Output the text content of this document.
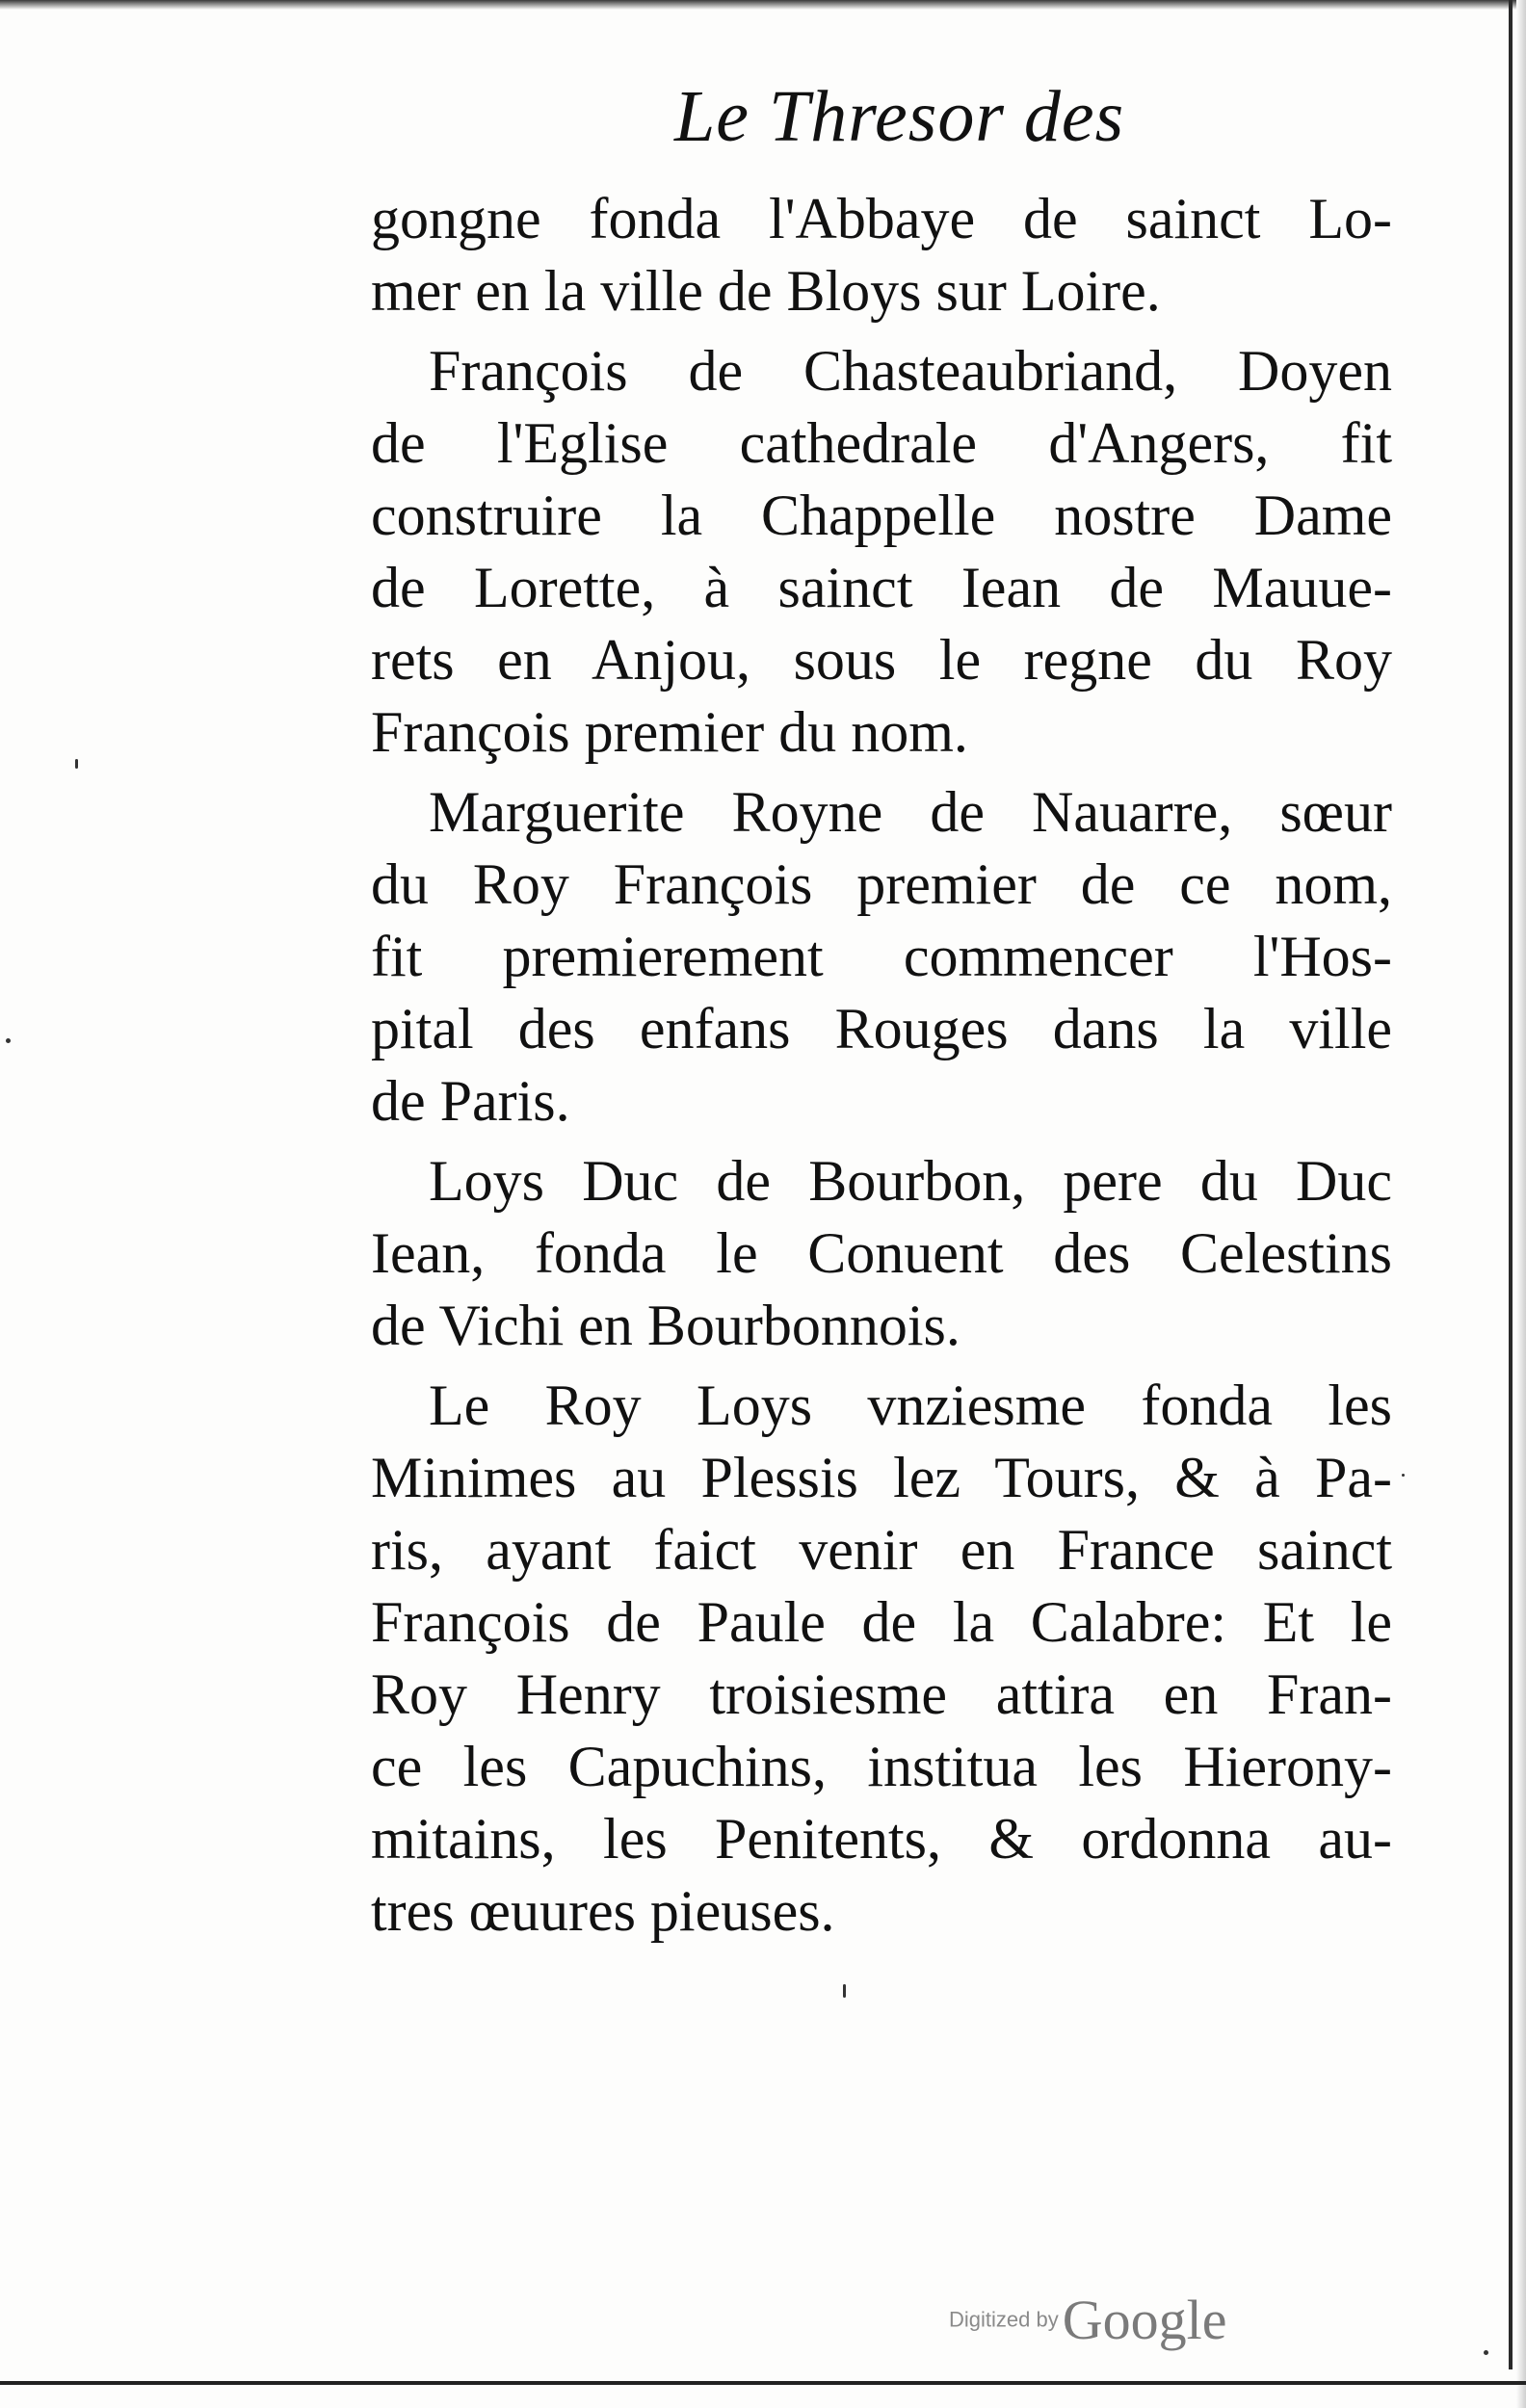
Le Thresor des
gongne fonda l'Abbaye de sainct Lo-
mer en la ville de Bloys sur Loire.
François de Chasteaubriand, Doyen
de l'Eglise cathedrale d'Angers, fit
construire la Chappelle nostre Dame
de Lorette, à sainct Iean de Mauue-
rets en Anjou, sous le regne du Roy
François premier du nom.
Marguerite Royne de Nauarre, sœur
du Roy François premier de ce nom,
fit premierement commencer l'Hos-
pital des enfans Rouges dans la ville
de Paris.
Loys Duc de Bourbon, pere du Duc
Iean, fonda le Conuent des Celestins
de Vichi en Bourbonnois.
Le Roy Loys vnziesme fonda les
Minimes au Plessis lez Tours, & à Pa-
ris, ayant faict venir en France sainct
François de Paule de la Calabre: Et le
Roy Henry troisiesme attira en Fran-
ce les Capuchins, institua les Hierony-
mitains, les Penitents, & ordonna au-
tres œuures pieuses.
Digitized by Google
